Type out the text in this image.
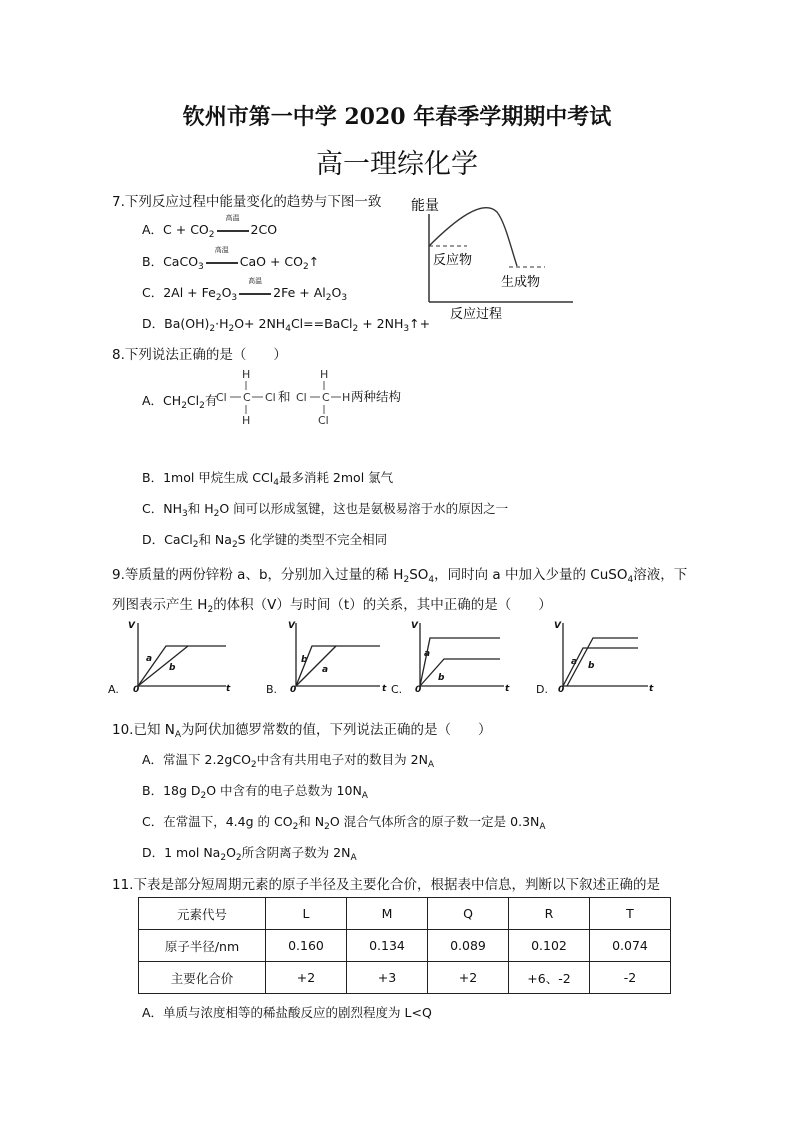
钦州市第一中学 2020 年春季学期期中考试
高一理综化学
7.下列反应过程中能量变化的趋势与下图一致
A．$C + CO_2$
高温
2CO
B．CaCO$_3$
高温
CaO + $CO_2↑$
C．$2Al + Fe_2O_3$
高温
$2Fe + Al_2O_3$
D．$Ba(OH)_2\cdot H_2O+$ $2NH_4Cl==BaCl_2$ + $2NH_3↑+$
能量
反应物
生成物
反应过程
8.下列说法正确的是（　　）
A．$CH_2Cl_2$有
H
Cl C Cl
H
H
Cl C H
Cl
和	两种结构
B．1mol 甲烷生成 CCl$_4$最多消耗 2mol 氯气
C．$NH_3$和 $H_2O$ 间可以形成氢键，这也是氨极易溶于水的原因之一
D．CaCl$_2$和 $Na_2S$ 化学键的类型不完全相同
9.等质量的两份锌粉 a、b，分别加入过量的稀 $H_2SO_4$，同时向 a 中加入少量的 CuSO$_4$溶液，下
列图表示产生 $H_2$的体积（V）与时间（t）的关系，其中正确的是（　　）
A.
V
0	t
a
b
B.
V
0	t
b
a
C.
V
0	t
a
b
D.
V
0	t
a b
10.已知 $N_A$为阿伏加德罗常数的值，下列说法正确的是（　　）
A．常温下 2.2gCO$_2$中含有共用电子对的数目为 $2N_A$
B．18g $D_2O$ 中含有的电子总数为 $10N_A$
C．在常温下，4.4g 的 $CO_2$和 $N_2O$ 混合气体所含的原子数一定是 $0.3N_A$
D．1 mol $Na_2O_2$所含阴离子数为 $2N_A$
11.下表是部分短周期元素的原子半径及主要化合价，根据表中信息，判断以下叙述正确的是
元素代号	L	M	Q	R	T
原子半径/nm	0.160	0.134	0.089	0.102	0.074
主要化合价	+2	+3	+2	+6、-2	-2
A．单质与浓度相等的稀盐酸反应的剧烈程度为 L<Q
